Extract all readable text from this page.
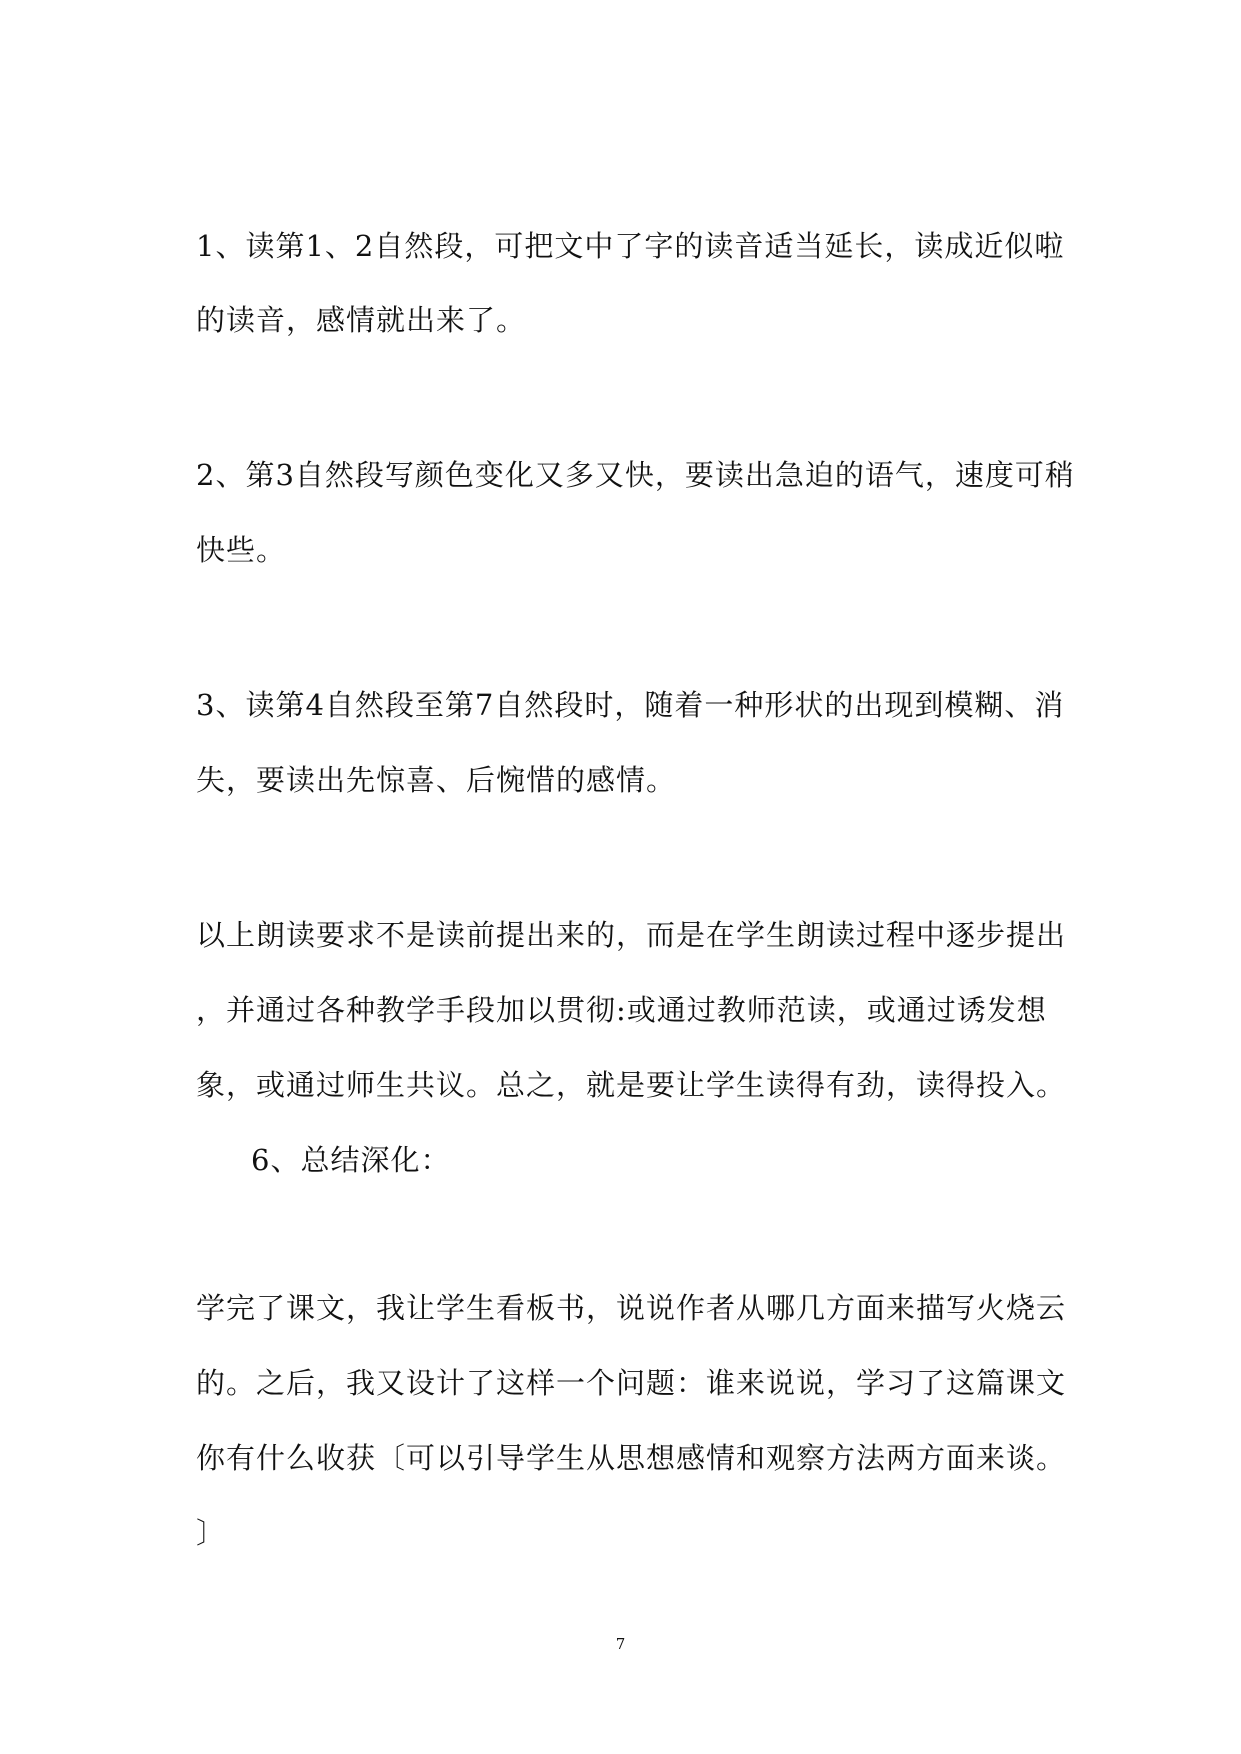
1、读第1、2自然段，可把文中了字的读音适当延长，读成近似啦
的读音，感情就出来了。
2、第3自然段写颜色变化又多又快，要读出急迫的语气，速度可稍
快些。
3、读第4自然段至第7自然段时，随着一种形状的出现到模糊、消
失，要读出先惊喜、后惋惜的感情。
以上朗读要求不是读前提出来的，而是在学生朗读过程中逐步提出
，并通过各种教学手段加以贯彻:或通过教师范读，或通过诱发想
象，或通过师生共议。总之，就是要让学生读得有劲，读得投入。
6、总结深化：
学完了课文，我让学生看板书，说说作者从哪几方面来描写火烧云
的。之后，我又设计了这样一个问题：谁来说说，学习了这篇课文
你有什么收获〔可以引导学生从思想感情和观察方法两方面来谈。
〕
7
